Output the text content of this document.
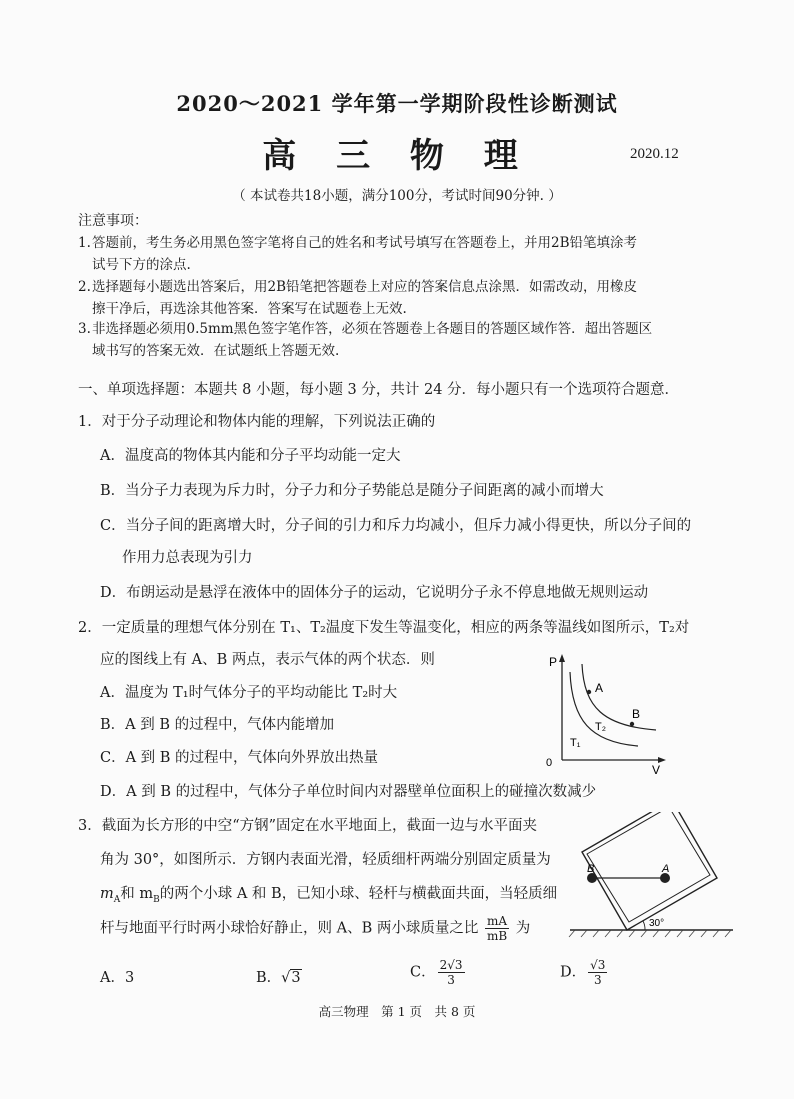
2020～2021 学年第一学期阶段性诊断测试
高 三 物 理	2020.12
（ 本试卷共18小题，满分100分，考试时间90分钟. ）
注意事项：
1.答题前，考生务必用黑色签字笔将自己的姓名和考试号填写在答题卷上，并用2B铅笔填涂考
试号下方的涂点.
2.选择题每小题选出答案后，用2B铅笔把答题卷上对应的答案信息点涂黑．如需改动，用橡皮
擦干净后，再选涂其他答案．答案写在试题卷上无效.
3.非选择题必须用0.5mm黑色签字笔作答，必须在答题卷上各题目的答题区域作答．超出答题区
域书写的答案无效．在试题纸上答题无效.
一、单项选择题：本题共 8 小题，每小题 3 分，共计 24 分．每小题只有一个选项符合题意．
1．对于分子动理论和物体内能的理解，下列说法正确的
A．温度高的物体其内能和分子平均动能一定大
B．当分子力表现为斥力时，分子力和分子势能总是随分子间距离的减小而增大
C．当分子间的距离增大时，分子间的引力和斥力均减小，但斥力减小得更快，所以分子间的
作用力总表现为引力
D．布朗运动是悬浮在液体中的固体分子的运动，它说明分子永不停息地做无规则运动
2．一定质量的理想气体分别在 T₁、T₂温度下发生等温变化，相应的两条等温线如图所示，T₂对
应的图线上有 A、B 两点，表示气体的两个状态．则
A．温度为 T₁时气体分子的平均动能比 T₂时大
B．A 到 B 的过程中，气体内能增加
C．A 到 B 的过程中，气体向外界放出热量
D．A 到 B 的过程中，气体分子单位时间内对器壁单位面积上的碰撞次数减少
P
V
0
A
B
T₂
T₁
3．截面为长方形的中空“方钢”固定在水平地面上，截面一边与水平面夹
角为 30°，如图所示．方钢内表面光滑，轻质细杆两端分别固定质量为
$m_A$和 $m_B$的两个小球 A 和 B，已知小球、轻杆与横截面共面，当轻质细
杆与地面平行时两小球恰好静止，则 A、B 两小球质量之比 $\frac{mA}{mB}$ 为
A．3	B．√3	C． $\frac{2√3}{3}$	D． $\frac{√3}{3}$
B	A
30°
高三物理　第 1 页　共 8 页
